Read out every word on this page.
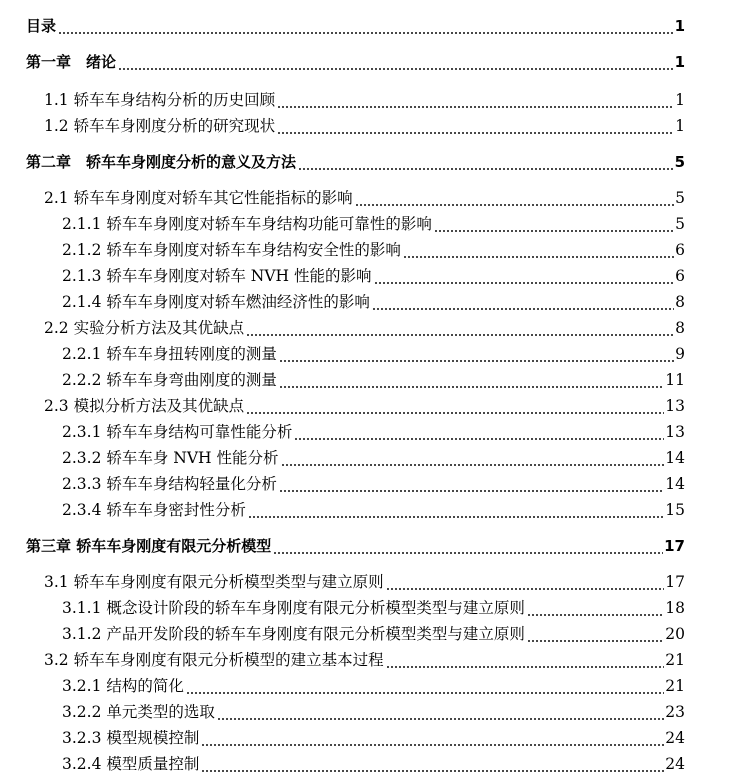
目录	1
第一章　绪论	1
1.1 轿车车身结构分析的历史回顾	1
1.2 轿车车身刚度分析的研究现状	1
第二章　轿车车身刚度分析的意义及方法	5
2.1 轿车车身刚度对轿车其它性能指标的影响	5
2.1.1 轿车车身刚度对轿车车身结构功能可靠性的影响	5
2.1.2 轿车车身刚度对轿车车身结构安全性的影响	6
2.1.3 轿车车身刚度对轿车 NVH 性能的影响	6
2.1.4 轿车车身刚度对轿车燃油经济性的影响	8
2.2 实验分析方法及其优缺点	8
2.2.1 轿车车身扭转刚度的测量	9
2.2.2 轿车车身弯曲刚度的测量	11
2.3 模拟分析方法及其优缺点	13
2.3.1 轿车车身结构可靠性能分析	13
2.3.2 轿车车身 NVH 性能分析	14
2.3.3 轿车车身结构轻量化分析	14
2.3.4 轿车车身密封性分析	15
第三章 轿车车身刚度有限元分析模型	17
3.1 轿车车身刚度有限元分析模型类型与建立原则	17
3.1.1 概念设计阶段的轿车车身刚度有限元分析模型类型与建立原则	18
3.1.2 产品开发阶段的轿车车身刚度有限元分析模型类型与建立原则	20
3.2 轿车车身刚度有限元分析模型的建立基本过程	21
3.2.1 结构的简化	21
3.2.2 单元类型的选取	23
3.2.3 模型规模控制	24
3.2.4 模型质量控制	24
